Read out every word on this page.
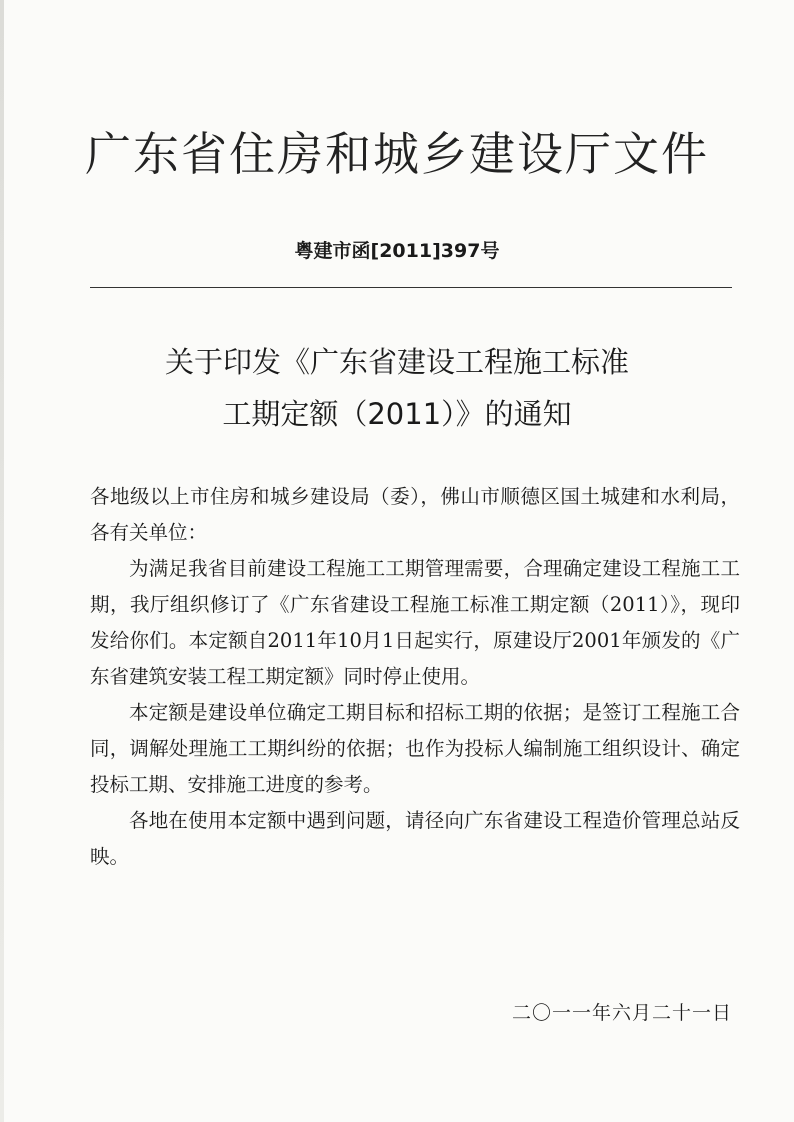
广东省住房和城乡建设厅文件
粤建市函[2011]397号
关于印发《广东省建设工程施工标准
工期定额（2011）》的通知

各地级以上市住房和城乡建设局（委），佛山市顺德区国土城建和水利局，各有关单位：

为满足我省目前建设工程施工工期管理需要，合理确定建设工程施工工期，我厅组织修订了《广东省建设工程施工标准工期定额（2011）》，现印发给你们。本定额自2011年10月1日起实行，原建设厅2001年颁发的《广东省建筑安装工程工期定额》同时停止使用。

本定额是建设单位确定工期目标和招标工期的依据；是签订工程施工合同，调解处理施工工期纠纷的依据；也作为投标人编制施工组织设计、确定投标工期、安排施工进度的参考。

各地在使用本定额中遇到问题，请径向广东省建设工程造价管理总站反映。

二〇一一年六月二十一日
